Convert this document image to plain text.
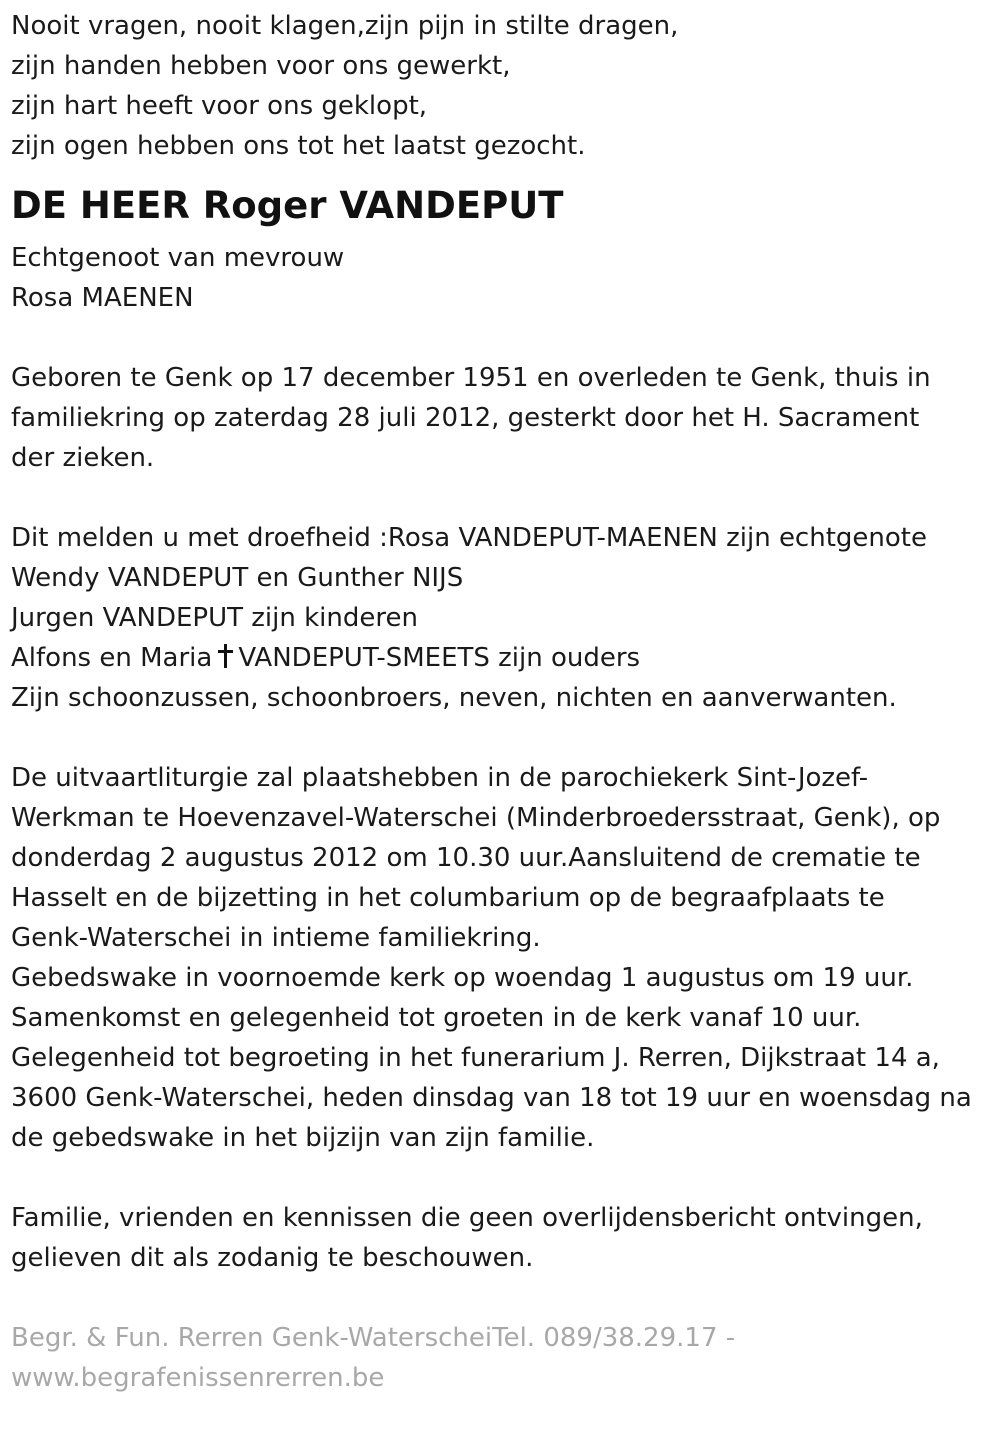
Nooit vragen, nooit klagen,zijn pijn in stilte dragen,
zijn handen hebben voor ons gewerkt,
zijn hart heeft voor ons geklopt,
zijn ogen hebben ons tot het laatst gezocht.
DE HEER Roger VANDEPUT
Echtgenoot van mevrouw
Rosa MAENEN
Geboren te Genk op 17 december 1951 en overleden te Genk, thuis in
familiekring op zaterdag 28 juli 2012, gesterkt door het H. Sacrament
der zieken.
Dit melden u met droefheid :Rosa VANDEPUT-MAENEN zijn echtgenote
Wendy VANDEPUT en Gunther NIJS
Jurgen VANDEPUT zijn kinderen
Alfons en Maria VANDEPUT-SMEETS zijn ouders
Zijn schoonzussen, schoonbroers, neven, nichten en aanverwanten.
De uitvaartliturgie zal plaatshebben in de parochiekerk Sint-Jozef-
Werkman te Hoevenzavel-Waterschei (Minderbroedersstraat, Genk), op
donderdag 2 augustus 2012 om 10.30 uur.Aansluitend de crematie te
Hasselt en de bijzetting in het columbarium op de begraafplaats te
Genk-Waterschei in intieme familiekring.
Gebedswake in voornoemde kerk op woendag 1 augustus om 19 uur.
Samenkomst en gelegenheid tot groeten in de kerk vanaf 10 uur.
Gelegenheid tot begroeting in het funerarium J. Rerren, Dijkstraat 14 a,
3600 Genk-Waterschei, heden dinsdag van 18 tot 19 uur en woensdag na
de gebedswake in het bijzijn van zijn familie.
Familie, vrienden en kennissen die geen overlijdensbericht ontvingen,
gelieven dit als zodanig te beschouwen.
Begr. & Fun. Rerren Genk-WaterscheiTel. 089/38.29.17 -
www.begrafenissenrerren.be
